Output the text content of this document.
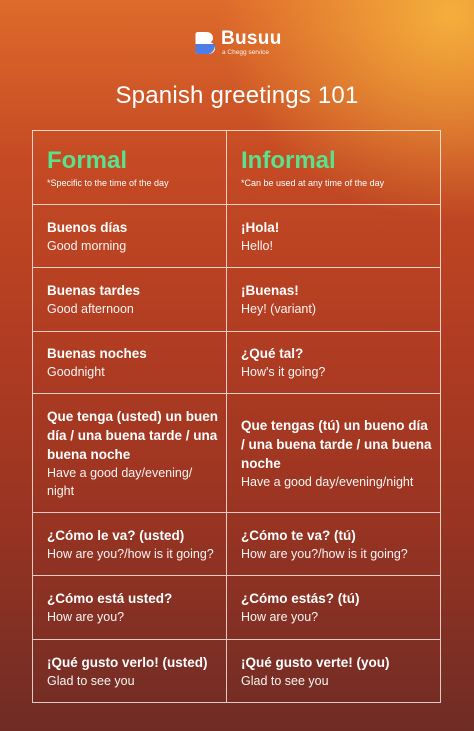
Busuu
a Chegg service
Spanish greetings 101
Formal
*Specific to the time of the day
Informal
*Can be used at any time of the day
Buenos días
Good morning
¡Hola!
Hello!
Buenas tardes
Good afternoon
¡Buenas!
Hey! (variant)
Buenas noches
Goodnight
¿Qué tal?
How's it going?
Que tenga (usted) un buen día / una buena tarde / una buena noche
Have a good day/evening/ night
Que tengas (tú) un bueno día / una buena tarde / una buena noche
Have a good day/evening/night
¿Cómo le va? (usted)
How are you?/how is it going?
¿Cómo te va? (tú)
How are you?/how is it going?
¿Cómo está usted?
How are you?
¿Cómo estás? (tú)
How are you?
¡Qué gusto verlo! (usted)
Glad to see you
¡Qué gusto verte! (you)
Glad to see you
